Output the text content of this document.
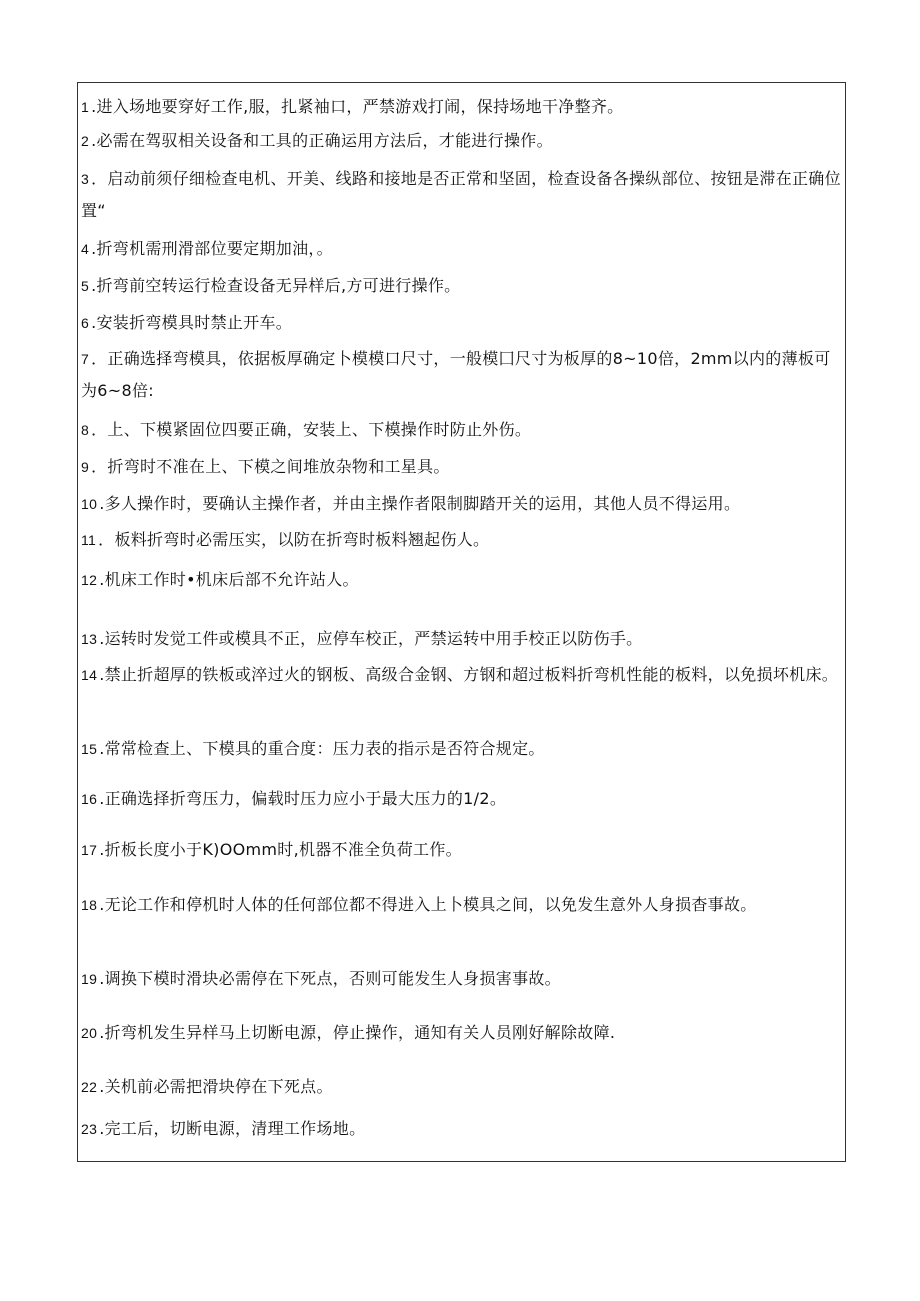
1 .进入场地要穿好工作,服，扎紧袖口，严禁游戏打闹，保持场地干净整齐。
2 .必需在驾驭相关设备和工具的正确运用方法后，才能进行操作。
3 ．启动前须仔细检查电机、开美、线路和接地是否正常和坚固，检查设备各操纵部位、按钮是滞在正确位置“
4 .折弯机需刑滑部位要定期加油，。
5 .折弯前空转运行检查设备无异样后,方可进行操作。
6 .安装折弯模具时禁止开车。
7 ．正确选择弯模具，依据板厚确定卜模模口尺寸，一般模囗尺寸为板厚的8~10倍，2mm以内的薄板可为6~8倍:
8 ．上、下模紧固位四要正确，安装上、下模操作时防止外伤。
9 ．折弯时不准在上、下模之间堆放杂物和工星具。
10 .多人操作时，要确认主操作者，并由主操作者限制脚踏开关的运用，其他人员不得运用。
11 ．板料折弯时必需压实，以防在折弯时板料翘起伤人。
12 .机床工作时•机床后部不允许站人。
13 .运转时发觉工件或模具不正，应停车校正，严禁运转中用手校正以防伤手。
14 .禁止折超厚的铁板或淬过火的钢板、高级合金钢、方钢和超过板料折弯机性能的板料，以免损坏机床。
15 .常常检查上、下模具的重合度：压力表的指示是否符合规定。
16 .正确选择折弯压力，偏载时压力应小于最大压力的1/2。
17 .折板长度小于K)OOmm时,机器不准全负荷工作。
18 .无论工作和停机时人体的任何部位都不得进入上卜模具之间，以免发生意外人身损杳事故。
19 .调换下模时滑块必需停在下死点，否则可能发生人身损害事故。
20 .折弯机发生异样马上切断电源，停止操作，通知有关人员刚好解除故障.
22 .关机前必需把滑块停在下死点。
23 .完工后，切断电源，清理工作场地。
